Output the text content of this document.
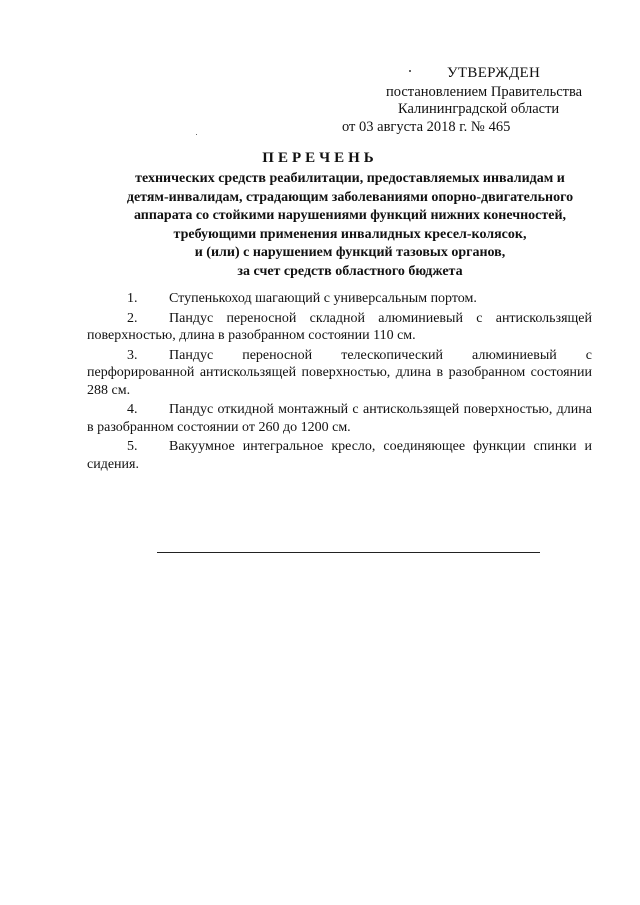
УТВЕРЖДЕН
постановлением Правительства
Калининградской области
от 03 августа 2018 г. № 465
ПЕРЕЧЕНЬ
технических средств реабилитации, предоставляемых инвалидам и
детям-инвалидам, страдающим заболеваниями опорно-двигательного
аппарата со стойкими нарушениями функций нижних конечностей,
требующими применения инвалидных кресел-колясок,
и (или) с нарушением функций тазовых органов,
за счет средств областного бюджета
1. Ступенькоход шагающий с универсальным портом.
2. Пандус переносной складной алюминиевый с антискользящей поверхностью, длина в разобранном состоянии 110 см.
3. Пандус переносной телескопический алюминиевый с перфорированной антискользящей поверхностью, длина в разобранном состоянии 288 см.
4. Пандус откидной монтажный с антискользящей поверхностью, длина в разобранном состоянии от 260 до 1200 см.
5. Вакуумное интегральное кресло, соединяющее функции спинки и сидения.
